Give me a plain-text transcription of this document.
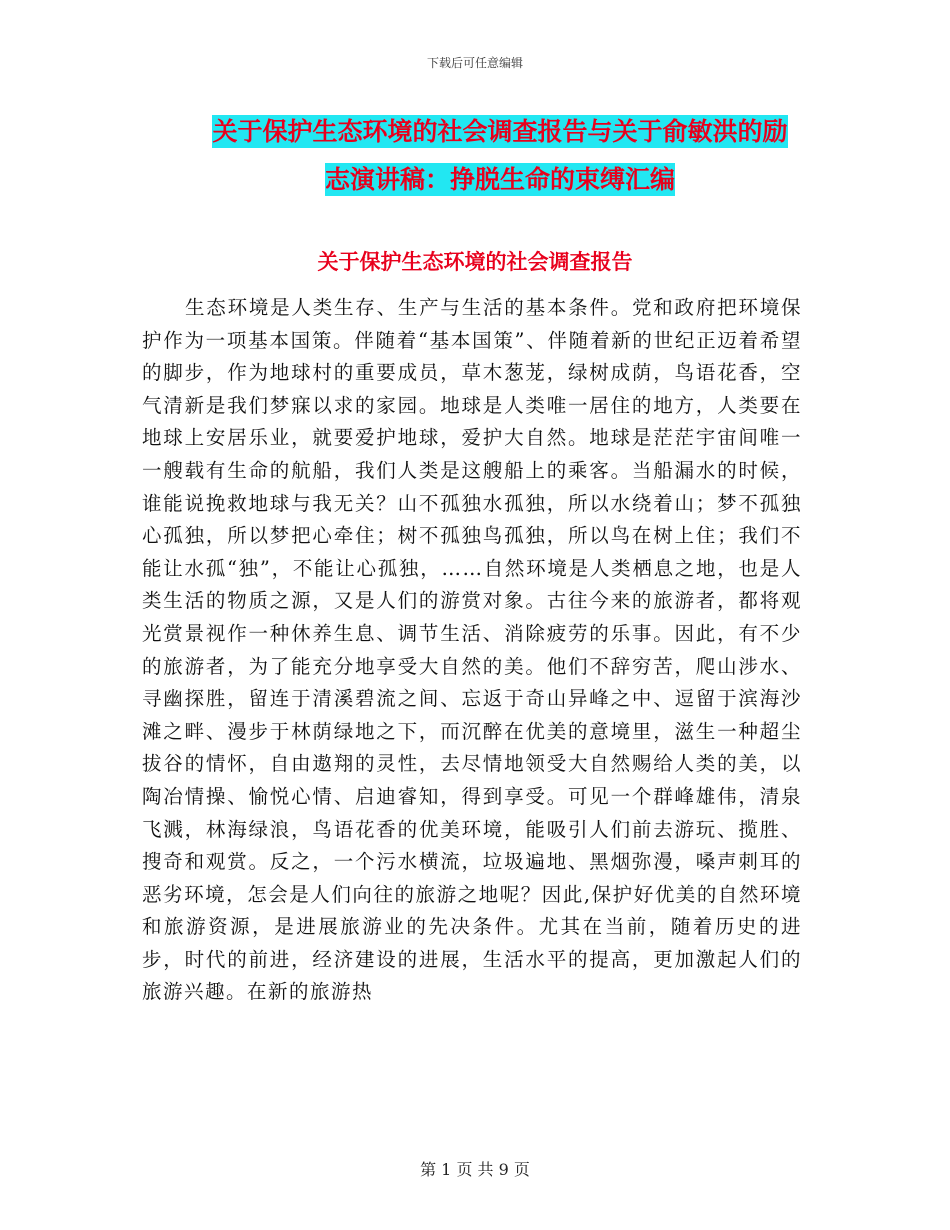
下载后可任意编辑
关于保护生态环境的社会调查报告与关于俞敏洪的励
志演讲稿：挣脱生命的束缚汇编
关于保护生态环境的社会调查报告

生态环境是人类生存、生产与生活的基本条件。党和政府把环境保护作为一项基本国策。伴随着“基本国策”、伴随着新的世纪正迈着希望的脚步，作为地球村的重要成员，草木葱茏，绿树成荫，鸟语花香，空气清新是我们梦寐以求的家园。地球是人类唯一居住的地方，人类要在地球上安居乐业，就要爱护地球，爱护大自然。地球是茫茫宇宙间唯一一艘载有生命的航船，我们人类是这艘船上的乘客。当船漏水的时候，谁能说挽救地球与我无关？山不孤独水孤独，所以水绕着山；梦不孤独心孤独，所以梦把心牵住；树不孤独鸟孤独，所以鸟在树上住；我们不能让水孤“独”，不能让心孤独，……自然环境是人类栖息之地，也是人类生活的物质之源，又是人们的游赏对象。古往今来的旅游者，都将观光赏景视作一种休养生息、调节生活、消除疲劳的乐事。因此，有不少的旅游者，为了能充分地享受大自然的美。他们不辞穷苦，爬山涉水、寻幽探胜，留连于清溪碧流之间、忘返于奇山异峰之中、逗留于滨海沙滩之畔、漫步于林荫绿地之下，而沉醉在优美的意境里，滋生一种超尘拔谷的情怀，自由遨翔的灵性，去尽情地领受大自然赐给人类的美，以陶冶情操、愉悦心情、启迪睿知，得到享受。可见一个群峰雄伟，清泉飞溅，林海绿浪，鸟语花香的优美环境，能吸引人们前去游玩、揽胜、搜奇和观赏。反之，一个污水横流，垃圾遍地、黑烟弥漫，嗓声刺耳的恶劣环境，怎会是人们向往的旅游之地呢？因此,保护好优美的自然环境和旅游资源，是进展旅游业的先决条件。尤其在当前，随着历史的进步，时代的前进，经济建设的进展，生活水平的提高，更加激起人们的旅游兴趣。在新的旅游热

第 1 页 共 9 页
